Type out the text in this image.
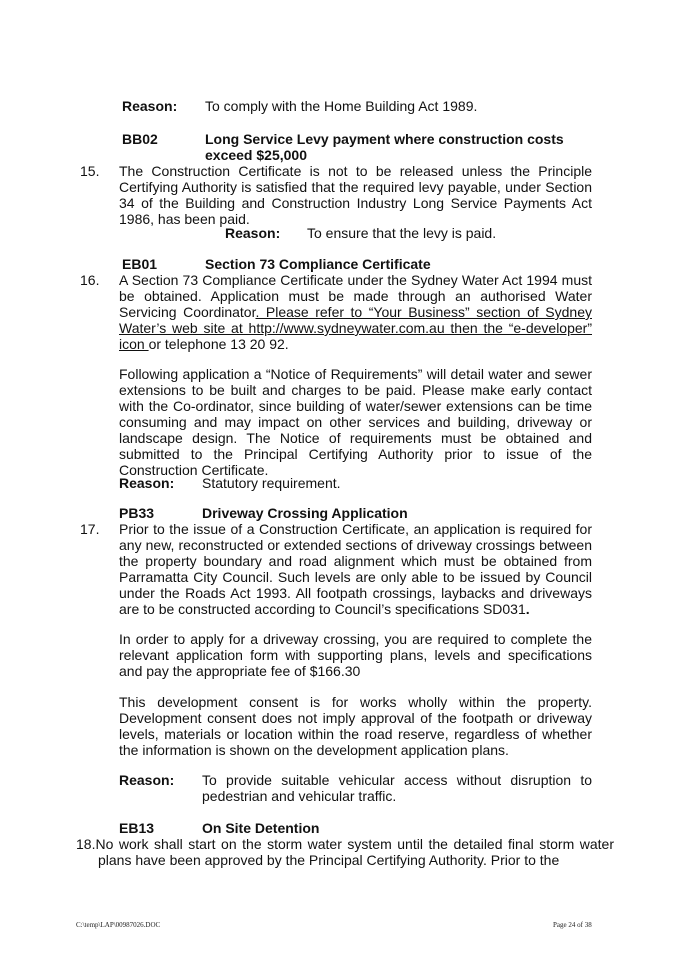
Reason: To comply with the Home Building Act 1989.
BB02	Long Service Levy payment where construction costs
exceed $25,000
15. The Construction Certificate is not to be released unless the Principle Certifying Authority is satisfied that the required levy payable, under Section 34 of the Building and Construction Industry Long Service Payments Act 1986, has been paid.
Reason: To ensure that the levy is paid.
EB01	Section 73 Compliance Certificate
16. A Section 73 Compliance Certificate under the Sydney Water Act 1994 must be obtained. Application must be made through an authorised Water Servicing Coordinator. Please refer to “Your Business” section of Sydney Water’s web site at http://www.sydneywater.com.au then the “e-developer” icon or telephone 13 20 92.
Following application a “Notice of Requirements” will detail water and sewer extensions to be built and charges to be paid. Please make early contact with the Co-ordinator, since building of water/sewer extensions can be time consuming and may impact on other services and building, driveway or landscape design. The Notice of requirements must be obtained and submitted to the Principal Certifying Authority prior to issue of the Construction Certificate.
Reason: Statutory requirement.
PB33	Driveway Crossing Application
17. Prior to the issue of a Construction Certificate, an application is required for any new, reconstructed or extended sections of driveway crossings between the property boundary and road alignment which must be obtained from Parramatta City Council. Such levels are only able to be issued by Council under the Roads Act 1993. All footpath crossings, laybacks and driveways are to be constructed according to Council’s specifications SD031.
In order to apply for a driveway crossing, you are required to complete the relevant application form with supporting plans, levels and specifications and pay the appropriate fee of $166.30
This development consent is for works wholly within the property. Development consent does not imply approval of the footpath or driveway levels, materials or location within the road reserve, regardless of whether the information is shown on the development application plans.
Reason: To provide suitable vehicular access without disruption to pedestrian and vehicular traffic.
EB13	On Site Detention
18.No work shall start on the storm water system until the detailed final storm water plans have been approved by the Principal Certifying Authority. Prior to the
C:\temp\LAP\00987026.DOC	Page 24 of 38
